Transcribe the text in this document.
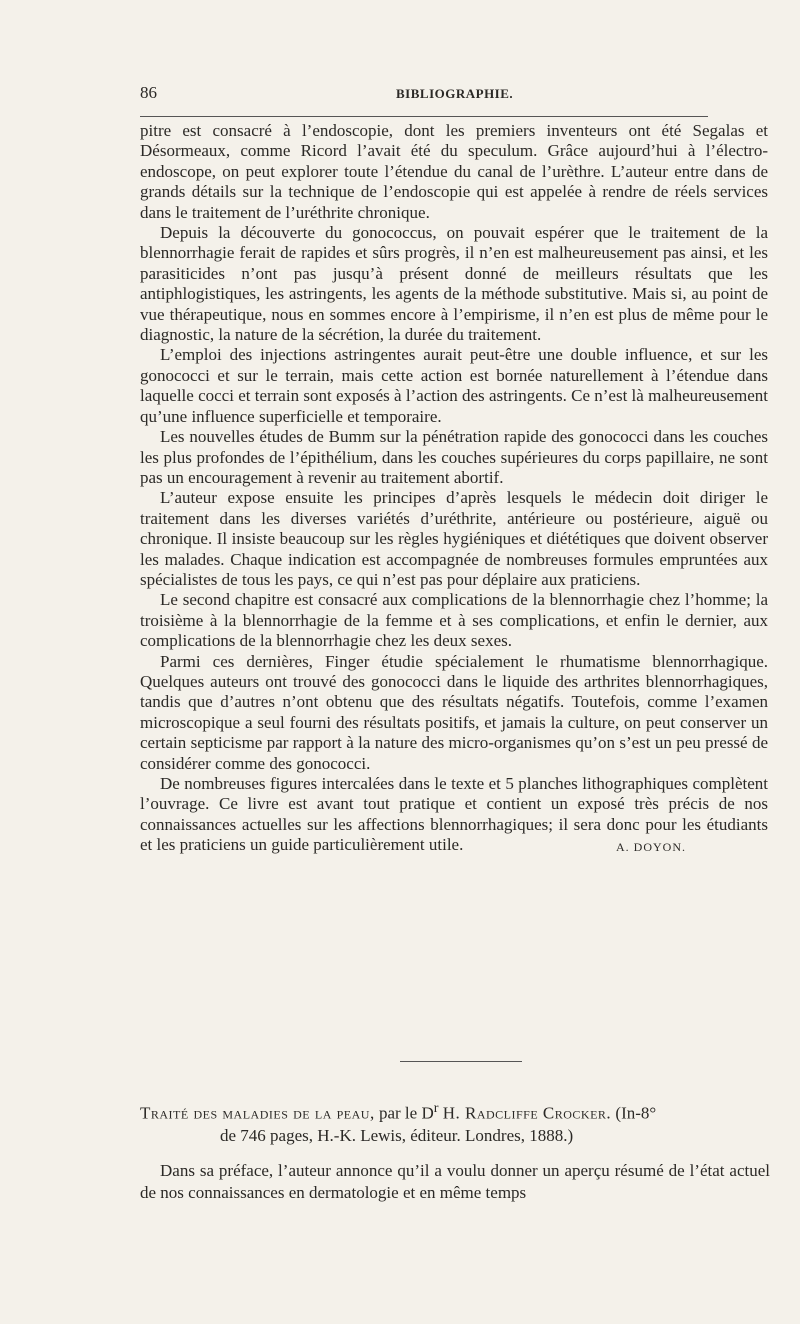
86	BIBLIOGRAPHIE.

pitre est consacré à l’endoscopie, dont les premiers inventeurs ont été Segalas et Désormeaux, comme Ricord l’avait été du speculum. Grâce aujourd’hui à l’électro-endoscope, on peut explorer toute l’étendue du canal de l’urèthre. L’auteur entre dans de grands détails sur la technique de l’endoscopie qui est appelée à rendre de réels services dans le traitement de l’uréthrite chronique.

Depuis la découverte du gonococcus, on pouvait espérer que le traitement de la blennorrhagie ferait de rapides et sûrs progrès, il n’en est malheureusement pas ainsi, et les parasiticides n’ont pas jusqu’à présent donné de meilleurs résultats que les antiphlogistiques, les astringents, les agents de la méthode substitutive. Mais si, au point de vue thérapeutique, nous en sommes encore à l’empirisme, il n’en est plus de même pour le diagnostic, la nature de la sécrétion, la durée du traitement.

L’emploi des injections astringentes aurait peut-être une double influence, et sur les gonococci et sur le terrain, mais cette action est bornée naturellement à l’étendue dans laquelle cocci et terrain sont exposés à l’action des astringents. Ce n’est là malheureusement qu’une influence superficielle et temporaire.

Les nouvelles études de Bumm sur la pénétration rapide des gonococci dans les couches les plus profondes de l’épithélium, dans les couches supérieures du corps papillaire, ne sont pas un encouragement à revenir au traitement abortif.

L’auteur expose ensuite les principes d’après lesquels le médecin doit diriger le traitement dans les diverses variétés d’uréthrite, antérieure ou postérieure, aiguë ou chronique. Il insiste beaucoup sur les règles hygiéniques et diététiques que doivent observer les malades. Chaque indication est accompagnée de nombreuses formules empruntées aux spécialistes de tous les pays, ce qui n’est pas pour déplaire aux praticiens.

Le second chapitre est consacré aux complications de la blennorrhagie chez l’homme; la troisième à la blennorrhagie de la femme et à ses complications, et enfin le dernier, aux complications de la blennorrhagie chez les deux sexes.

Parmi ces dernières, Finger étudie spécialement le rhumatisme blennorrhagique. Quelques auteurs ont trouvé des gonococci dans le liquide des arthrites blennorrhagiques, tandis que d’autres n’ont obtenu que des résultats négatifs. Toutefois, comme l’examen microscopique a seul fourni des résultats positifs, et jamais la culture, on peut conserver un certain septicisme par rapport à la nature des micro-organismes qu’on s’est un peu pressé de considérer comme des gonococci.

De nombreuses figures intercalées dans le texte et 5 planches lithographiques complètent l’ouvrage. Ce livre est avant tout pratique et contient un exposé très précis de nos connaissances actuelles sur les affections blennorrhagiques; il sera donc pour les étudiants et les praticiens un guide particulièrement utile.	A. DOYON.
Traité des maladies de la peau, par le $D^r$ H. Radcliffe Crocker. (In-8°
de 746 pages, H.-K. Lewis, éditeur. Londres, 1888.)

Dans sa préface, l’auteur annonce qu’il a voulu donner un aperçu résumé de l’état actuel de nos connaissances en dermatologie et en même temps
